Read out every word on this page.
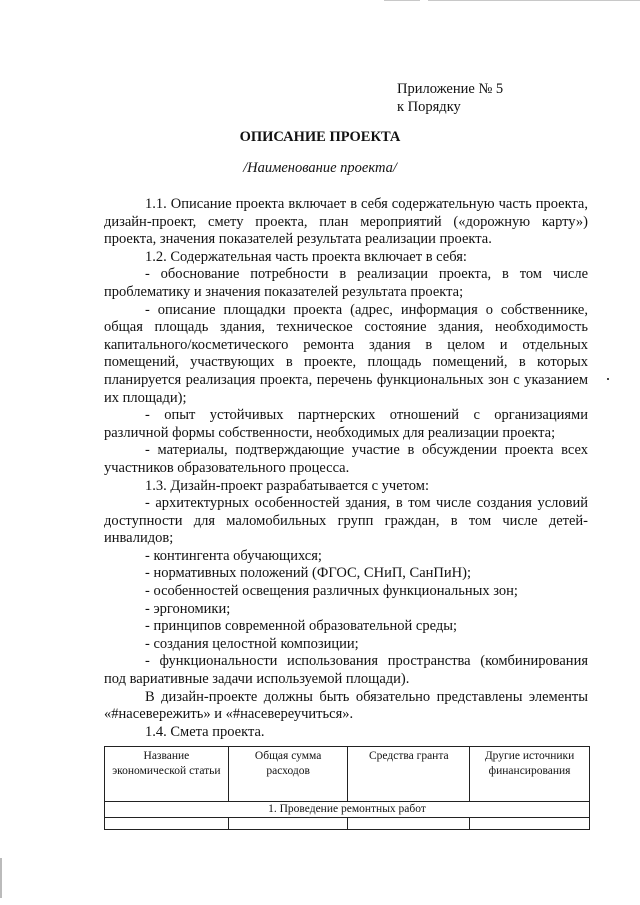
Приложение № 5
к Порядку
ОПИСАНИЕ ПРОЕКТА
/Наименование проекта/

1.1. Описание проекта включает в себя содержательную часть проекта, дизайн-проект, смету проекта, план мероприятий («дорожную карту») проекта, значения показателей результата реализации проекта.

1.2. Содержательная часть проекта включает в себя:

- обоснование потребности в реализации проекта, в том числе проблематику и значения показателей результата проекта;

- описание площадки проекта (адрес, информация о собственнике, общая площадь здания, техническое состояние здания, необходимость капитального/косметического ремонта здания в целом и отдельных помещений, участвующих в проекте, площадь помещений, в которых планируется реализация проекта, перечень функциональных зон с указанием их площади);

- опыт устойчивых партнерских отношений с организациями различной формы собственности, необходимых для реализации проекта;

- материалы, подтверждающие участие в обсуждении проекта всех участников образовательного процесса.

1.3. Дизайн-проект разрабатывается с учетом:

- архитектурных особенностей здания, в том числе создания условий доступности для маломобильных групп граждан, в том числе детей-инвалидов;

- контингента обучающихся;

- нормативных положений (ФГОС, СНиП, СанПиН);

- особенностей освещения различных функциональных зон;

- эргономики;

- принципов современной образовательной среды;

- создания целостной композиции;

- функциональности использования пространства (комбинирования под вариативные задачи используемой площади).

В дизайн-проекте должны быть обязательно представлены элементы «#насевережить» и «#насевереучиться».

1.4. Смета проекта.

Название экономической статьи	Общая сумма расходов	Средства гранта	Другие источники финансирования
1. Проведение ремонтных работ			
